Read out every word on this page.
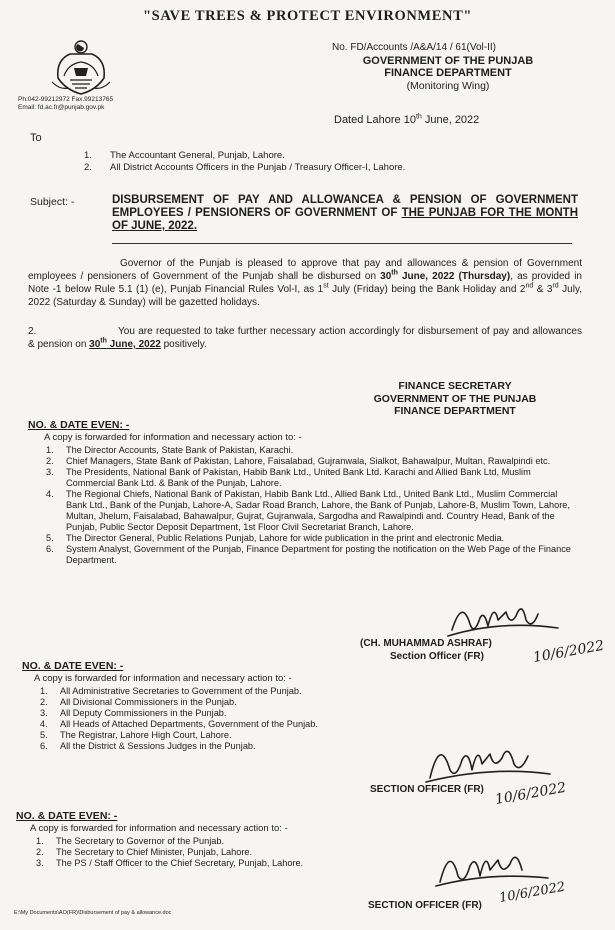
"SAVE TREES & PROTECT ENVIRONMENT"
Ph:042-99212972 Fax.99213765
Email: fd.ac.fr@punjab.gov.pk
No. FD/Accounts /A&A/14 / 61(Vol-II)
GOVERNMENT OF THE PUNJAB
FINANCE DEPARTMENT
(Monitoring Wing)
Dated Lahore 10th June, 2022
To
1.	The Accountant General, Punjab, Lahore.
2.	All District Accounts Officers in the Punjab / Treasury Officer-I, Lahore.
Subject: -	DISBURSEMENT OF PAY AND ALLOWANCEA & PENSION OF GOVERNMENT EMPLOYEES / PENSIONERS OF GOVERNMENT OF THE PUNJAB FOR THE MONTH OF JUNE, 2022.
Governor of the Punjab is pleased to approve that pay and allowances & pension of Government employees / pensioners of Government of the Punjab shall be disbursed on 30th June, 2022 (Thursday), as provided in Note -1 below Rule 5.1 (1) (e), Punjab Financial Rules Vol-I, as 1st July (Friday) being the Bank Holiday and 2nd & 3rd July, 2022 (Saturday & Sunday) will be gazetted holidays.
2.	You are requested to take further necessary action accordingly for disbursement of pay and allowances & pension on 30th June, 2022 positively.
FINANCE SECRETARY
GOVERNMENT OF THE PUNJAB
FINANCE DEPARTMENT
NO. & DATE EVEN: -
A copy is forwarded for information and necessary action to: -
1.	The Director Accounts, State Bank of Pakistan, Karachi.
2.	Chief Managers, State Bank of Pakistan, Lahore, Faisalabad, Gujranwala, Sialkot, Bahawalpur, Multan, Rawalpindi etc.
3.	The Presidents, National Bank of Pakistan, Habib Bank Ltd., United Bank Ltd. Karachi and Allied Bank Ltd, Muslim Commercial Bank Ltd. & Bank of the Punjab, Lahore.
4.	The Regional Chiefs, National Bank of Pakistan, Habib Bank Ltd., Allied Bank Ltd., United Bank Ltd., Muslim Commercial Bank Ltd., Bank of the Punjab, Lahore-A, Sadar Road Branch, Lahore, the Bank of Punjab, Lahore-B, Muslim Town, Lahore, Multan, Jhelum, Faisalabad, Bahawalpur, Gujrat, Gujranwala, Sargodha and Rawalpindi and. Country Head, Bank of the Punjab, Public Sector Deposit Department, 1st Floor Civil Secretariat Branch, Lahore.
5.	The Director General, Public Relations Punjab, Lahore for wide publication in the print and electronic Media.
6.	System Analyst, Government of the Punjab, Finance Department for posting the notification on the Web Page of the Finance Department.
10/6/2022
(CH. MUHAMMAD ASHRAF)
Section Officer (FR)
NO. & DATE EVEN: -
A copy is forwarded for information and necessary action to: -
1.	All Administrative Secretaries to Government of the Punjab.
2.	All Divisional Commissioners in the Punjab.
3.	All Deputy Commissioners in the Punjab.
4.	All Heads of Attached Departments, Government of the Punjab.
5.	The Registrar, Lahore High Court, Lahore.
6.	All the District & Sessions Judges in the Punjab.
10/6/2022
SECTION OFFICER (FR)
NO. & DATE EVEN: -
A copy is forwarded for information and necessary action to: -
1.	The Secretary to Governor of the Punjab.
2.	The Secretary to Chief Minister, Punjab, Lahore.
3.	The PS / Staff Officer to the Chief Secretary, Punjab, Lahore.
10/6/2022
SECTION OFFICER (FR)
E:\My Documents\AO(FR)\Disbursement of pay & allowance.doc
